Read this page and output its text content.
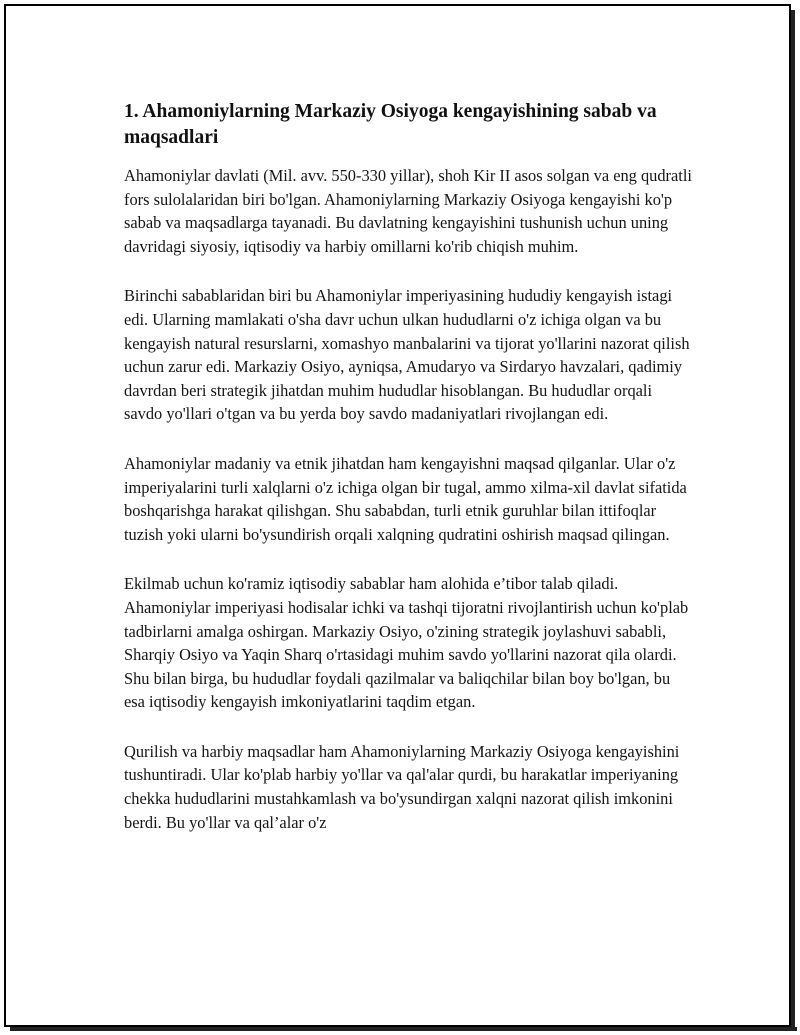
1. Ahamoniylarning Markaziy Osiyoga kengayishining sabab va maqsadlari

Ahamoniylar davlati (Mil. avv. 550-330 yillar), shoh Kir II asos solgan va eng qudratli fors sulolalaridan biri bo'lgan. Ahamoniylarning Markaziy Osiyoga kengayishi ko'p sabab va maqsadlarga tayanadi. Bu davlatning kengayishini tushunish uchun uning davridagi siyosiy, iqtisodiy va harbiy omillarni ko'rib chiqish muhim.

Birinchi sabablaridan biri bu Ahamoniylar imperiyasining hududiy kengayish istagi edi. Ularning mamlakati o'sha davr uchun ulkan hududlarni o'z ichiga olgan va bu kengayish natural resurslarni, xomashyo manbalarini va tijorat yo'llarini nazorat qilish uchun zarur edi. Markaziy Osiyo, ayniqsa, Amudaryo va Sirdaryo havzalari, qadimiy davrdan beri strategik jihatdan muhim hududlar hisoblangan. Bu hududlar orqali savdo yo'llari o'tgan va bu yerda boy savdo madaniyatlari rivojlangan edi.

Ahamoniylar madaniy va etnik jihatdan ham kengayishni maqsad qilganlar. Ular o'z imperiyalarini turli xalqlarni o'z ichiga olgan bir tugal, ammo xilma-xil davlat sifatida boshqarishga harakat qilishgan. Shu sababdan, turli etnik guruhlar bilan ittifoqlar tuzish yoki ularni bo'ysundirish orqali xalqning qudratini oshirish maqsad qilingan.

Ekilmab uchun ko'ramiz iqtisodiy sabablar ham alohida e’tibor talab qiladi. Ahamoniylar imperiyasi hodisalar ichki va tashqi tijoratni rivojlantirish uchun ko'plab tadbirlarni amalga oshirgan. Markaziy Osiyo, o'zining strategik joylashuvi sababli, Sharqiy Osiyo va Yaqin Sharq o'rtasidagi muhim savdo yo'llarini nazorat qila olardi. Shu bilan birga, bu hududlar foydali qazilmalar va baliqchilar bilan boy bo'lgan, bu esa iqtisodiy kengayish imkoniyatlarini taqdim etgan.

Qurilish va harbiy maqsadlar ham Ahamoniylarning Markaziy Osiyoga kengayishini tushuntiradi. Ular ko'plab harbiy yo'llar va qal'alar qurdi, bu harakatlar imperiyaning chekka hududlarini mustahkamlash va bo'ysundirgan xalqni nazorat qilish imkonini berdi. Bu yo'llar va qal’alar o'z
